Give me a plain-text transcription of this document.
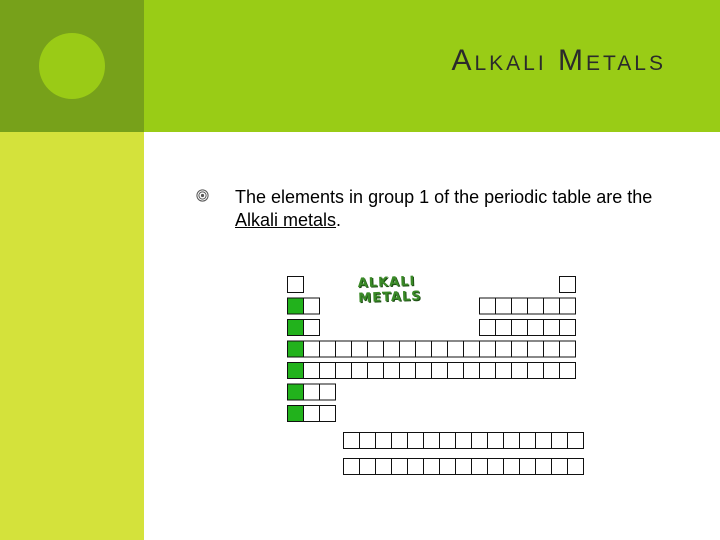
Alkali Metals

The elements in group 1 of the periodic table are the Alkali metals.

ALKALI
METALS
